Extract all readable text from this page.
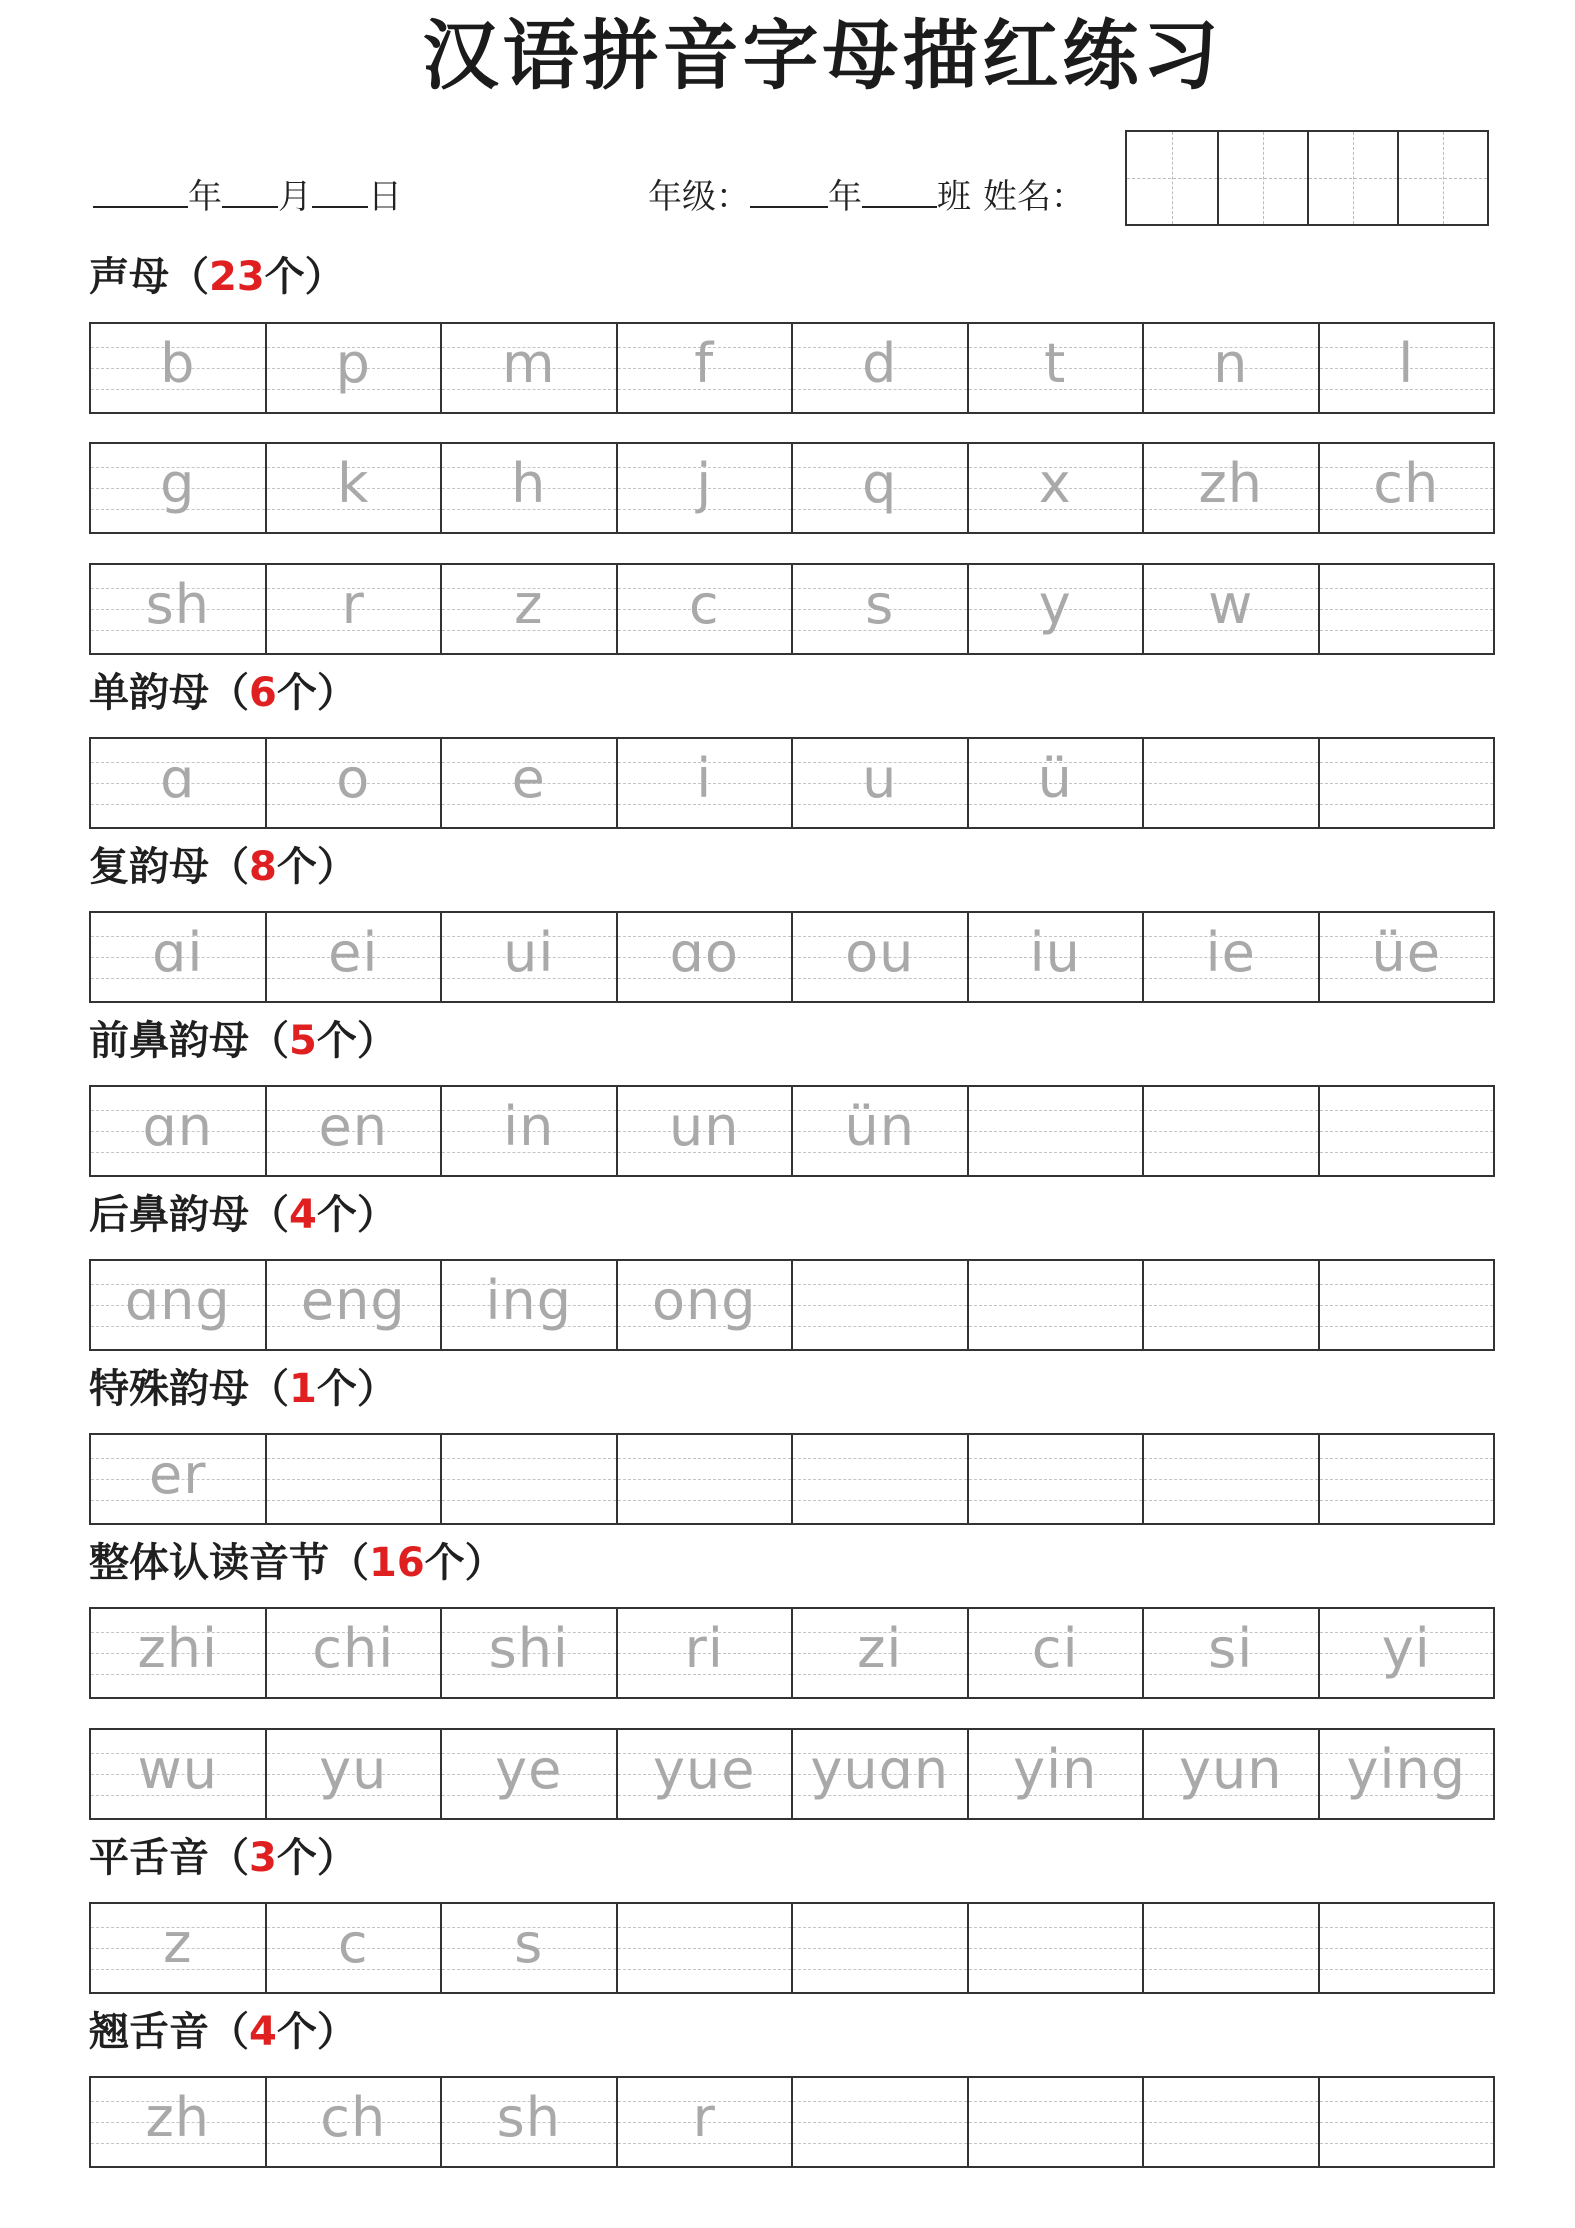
汉语拼音字母描红练习
年 月 日	年级： 年 班 姓名：
声母（23个）
b	p	m	f	d	t	n	l
g	k	h	j	q	x	zh	ch
sh	r	z	c	s	y	w
单韵母（6个）
ɑ	o	e	i	u	ü
复韵母（8个）
ɑi	ei	ui	ɑo	ou	iu	ie	üe
前鼻韵母（5个）
ɑn	en	in	un	ün
后鼻韵母（4个）
ɑng	eng	ing	ong
特殊韵母（1个）
er
整体认读音节（16个）
zhi	chi	shi	ri	zi	ci	si	yi
wu	yu	ye	yue	yuɑn	yin	yun	ying
平舌音（3个）
z	c	s
翘舌音（4个）
zh	ch	sh	r
